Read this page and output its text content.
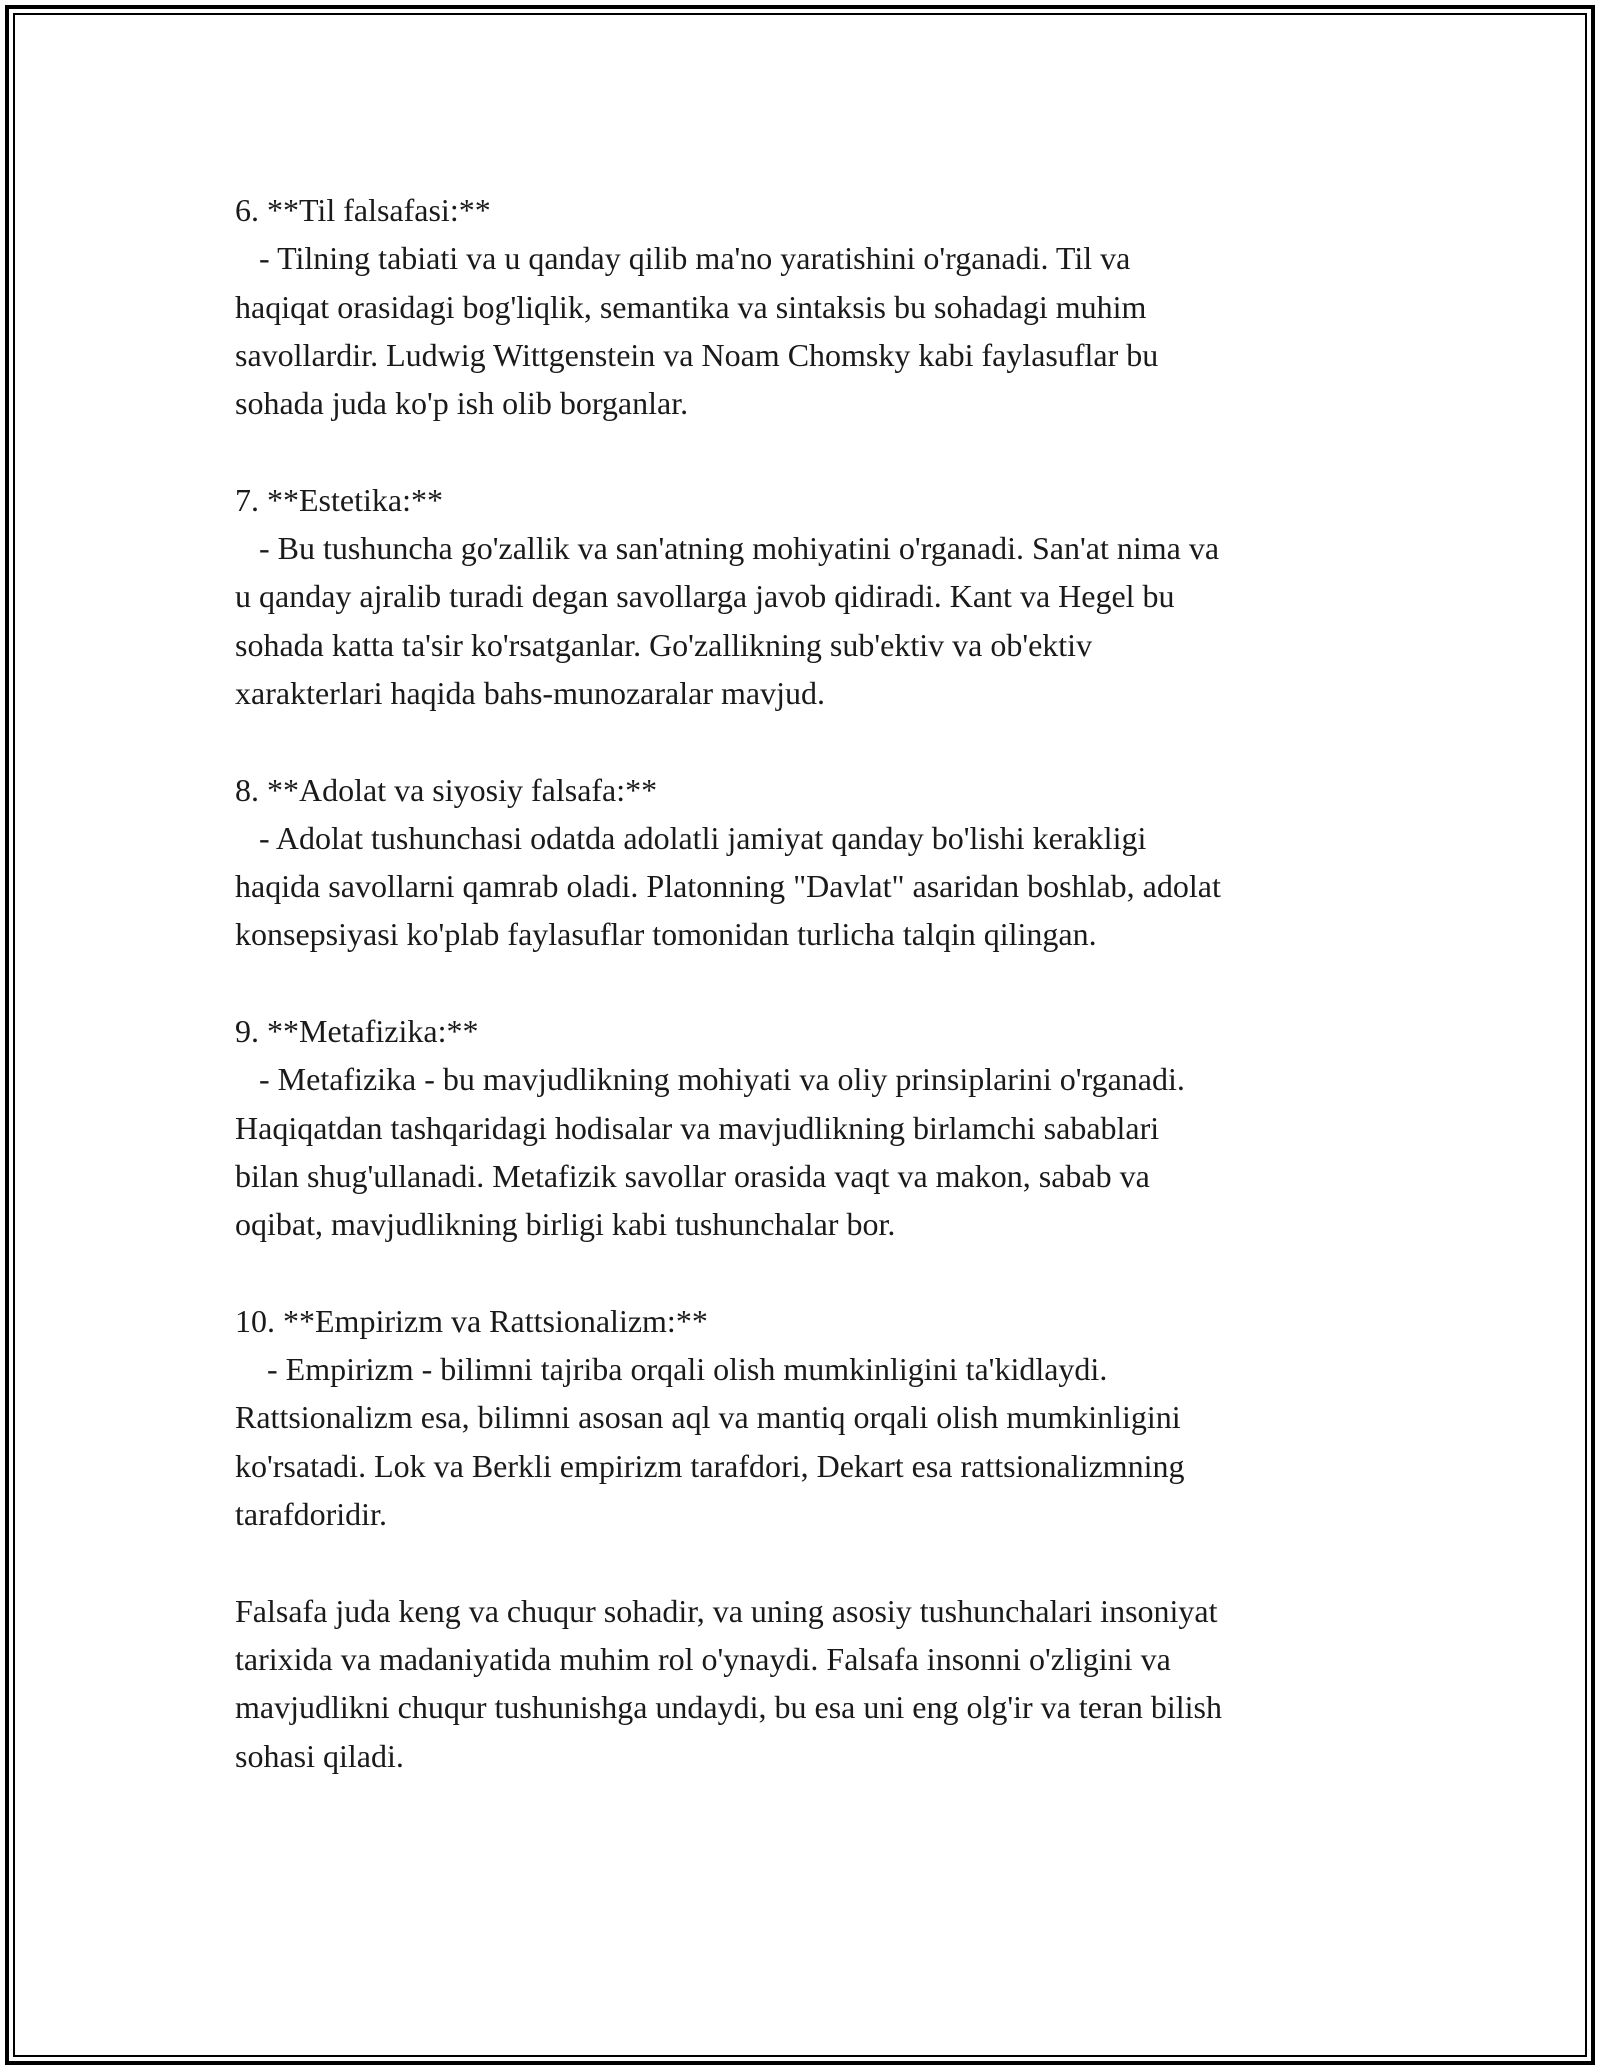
6. **Til falsafasi:**
- Tilning tabiati va u qanday qilib ma'no yaratishini o'rganadi. Til va
haqiqat orasidagi bog'liqlik, semantika va sintaksis bu sohadagi muhim
savollardir. Ludwig Wittgenstein va Noam Chomsky kabi faylasuflar bu
sohada juda ko'p ish olib borganlar.
7. **Estetika:**
- Bu tushuncha go'zallik va san'atning mohiyatini o'rganadi. San'at nima va
u qanday ajralib turadi degan savollarga javob qidiradi. Kant va Hegel bu
sohada katta ta'sir ko'rsatganlar. Go'zallikning sub'ektiv va ob'ektiv
xarakterlari haqida bahs-munozaralar mavjud.
8. **Adolat va siyosiy falsafa:**
- Adolat tushunchasi odatda adolatli jamiyat qanday bo'lishi kerakligi
haqida savollarni qamrab oladi. Platonning "Davlat" asaridan boshlab, adolat
konsepsiyasi ko'plab faylasuflar tomonidan turlicha talqin qilingan.
9. **Metafizika:**
- Metafizika - bu mavjudlikning mohiyati va oliy prinsiplarini o'rganadi.
Haqiqatdan tashqaridagi hodisalar va mavjudlikning birlamchi sabablari
bilan shug'ullanadi. Metafizik savollar orasida vaqt va makon, sabab va
oqibat, mavjudlikning birligi kabi tushunchalar bor.
10. **Empirizm va Rattsionalizm:**
- Empirizm - bilimni tajriba orqali olish mumkinligini ta'kidlaydi.
Rattsionalizm esa, bilimni asosan aql va mantiq orqali olish mumkinligini
ko'rsatadi. Lok va Berkli empirizm tarafdori, Dekart esa rattsionalizmning
tarafdoridir.
Falsafa juda keng va chuqur sohadir, va uning asosiy tushunchalari insoniyat
tarixida va madaniyatida muhim rol o'ynaydi. Falsafa insonni o'zligini va
mavjudlikni chuqur tushunishga undaydi, bu esa uni eng olg'ir va teran bilish
sohasi qiladi.
